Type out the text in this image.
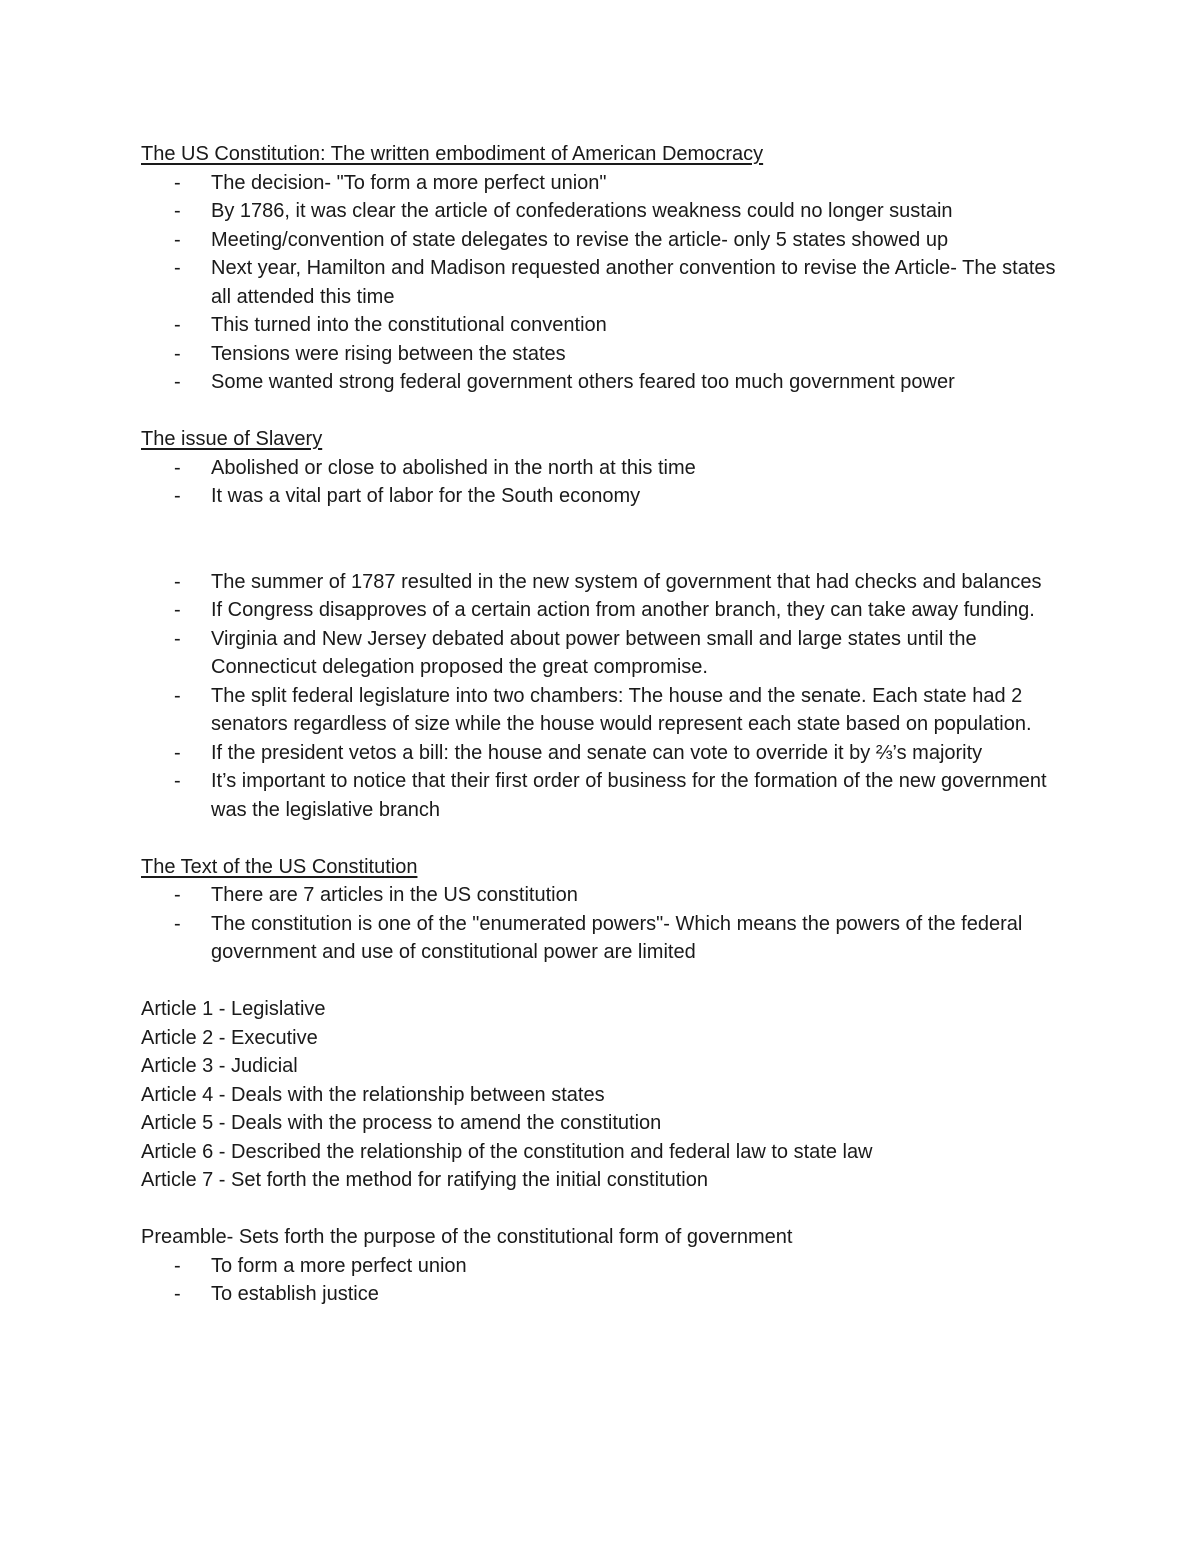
The US Constitution: The written embodiment of American Democracy

- The decision- "To form a more perfect union"
- By 1786, it was clear the article of confederations weakness could no longer sustain
- Meeting/convention of state delegates to revise the article- only 5 states showed up
- Next year, Hamilton and Madison requested another convention to revise the Article- The states all attended this time
- This turned into the constitutional convention
- Tensions were rising between the states
- Some wanted strong federal government others feared too much government power

The issue of Slavery

- Abolished or close to abolished in the north at this time
- It was a vital part of labor for the South economy
- The summer of 1787 resulted in the new system of government that had checks and balances
- If Congress disapproves of a certain action from another branch, they can take away funding.
- Virginia and New Jersey debated about power between small and large states until the Connecticut delegation proposed the great compromise.
- The split federal legislature into two chambers: The house and the senate. Each state had 2 senators regardless of size while the house would represent each state based on population.
- If the president vetos a bill: the house and senate can vote to override it by ⅔’s majority
- It’s important to notice that their first order of business for the formation of the new government was the legislative branch

The Text of the US Constitution

- There are 7 articles in the US constitution
- The constitution is one of the "enumerated powers"- Which means the powers of the federal government and use of constitutional power are limited

Article 1 - Legislative

Article 2 - Executive

Article 3 - Judicial

Article 4 - Deals with the relationship between states

Article 5 - Deals with the process to amend the constitution

Article 6 - Described the relationship of the constitution and federal law to state law

Article 7 - Set forth the method for ratifying the initial constitution

Preamble- Sets forth the purpose of the constitutional form of government

- To form a more perfect union
- To establish justice
